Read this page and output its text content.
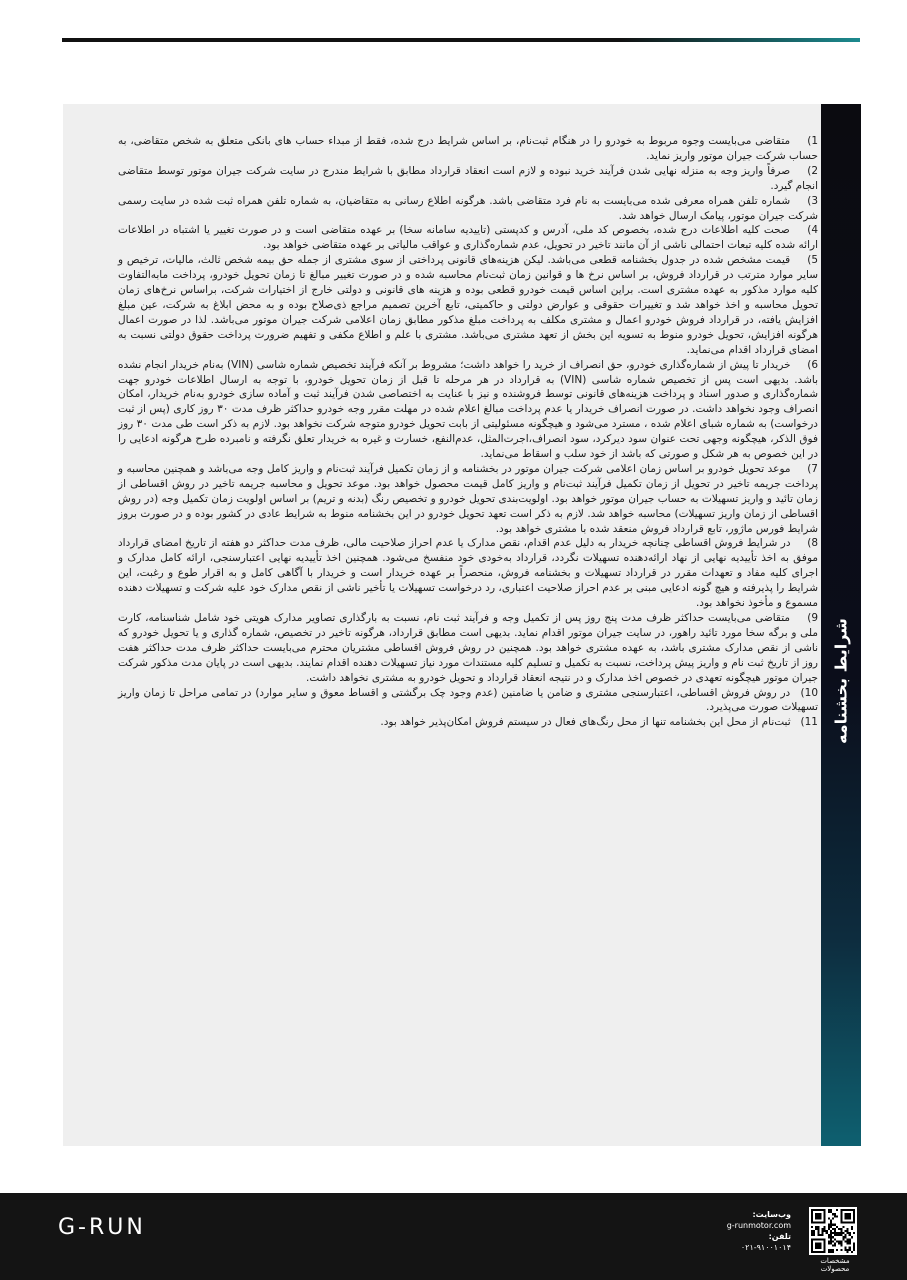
1) متقاضی می‌بایست وجوه مربوط به خودرو را در هنگام ثبت‌نام، بر اساس شرایط درج شده، فقط از مبداء حساب های بانکی متعلق به شخص متقاضی، به حساب شرکت جیران موتور واریز نماید.
2) صرفاً واریز وجه به منزله نهایی شدن فرآیند خرید نبوده و لازم است انعقاد قرارداد مطابق با شرایط مندرج در سایت شرکت جیران موتور توسط متقاضی انجام گیرد.
3) شماره تلفن همراه معرفی شده می‌بایست به نام فرد متقاضی باشد. هرگونه اطلاع رسانی به متقاضیان، به شماره تلفن همراه ثبت شده در سایت رسمی شرکت جیران موتور، پیامک ارسال خواهد شد.
4) صحت کلیه اطلاعات درج شده، بخصوص کد ملی، آدرس و کدپستی (تاییدیه سامانه سخا) بر عهده متقاضی است و در صورت تغییر یا اشتباه در اطلاعات ارائه شده کلیه تبعات احتمالی ناشی از آن مانند تاخیر در تحویل، عدم شماره‌گذاری و عواقب مالیاتی بر عهده متقاضی خواهد بود.
5) قیمت مشخص شده در جدول بخشنامه قطعی می‌باشد. لیکن هزینه‌های قانونی پرداختی از سوی مشتری از جمله حق بیمه شخص ثالث، مالیات، ترخیص و سایر موارد مترتب در قرارداد فروش، بر اساس نرخ ها و قوانین زمان ثبت‌نام محاسبه شده و در صورت تغییر مبالغ تا زمان تحویل خودرو، پرداخت مابه‌التفاوت کلیه موارد مذکور به عهده مشتری است. براین اساس قیمت خودرو قطعی بوده و هزینه های قانونی و دولتی خارج از اختیارات شرکت، براساس نرخ‌های زمان تحویل محاسبه و اخذ خواهد شد و تغییرات حقوقی و عوارض دولتی و حاکمیتی، تابع آخرین تصمیم مراجع ذی‌صلاح بوده و به محض ابلاغ به شرکت، عین مبلغ افزایش یافته، در قرارداد فروش خودرو اعمال و مشتری مکلف به پرداخت مبلغ مذکور مطابق زمان اعلامی شرکت جیران موتور می‌باشد. لذا در صورت اعمال هرگونه افزایش، تحویل خودرو منوط به تسویه این بخش از تعهد مشتری می‌باشد. مشتری با علم و اطلاع مکفی و تفهیم ضرورت پرداخت حقوق دولتی نسبت به امضای قرارداد اقدام می‌نماید.
6) خریدار تا پیش از شماره‌گذاری خودرو، حق انصراف از خرید را خواهد داشت؛ مشروط بر آنکه فرآیند تخصیص شماره شاسی (VIN) به‌نام خریدار انجام نشده باشد. بدیهی است پس از تخصیص شماره شاسی (VIN) به قرارداد در هر مرحله تا قبل از زمان تحویل خودرو، با توجه به ارسال اطلاعات خودرو جهت شماره‌گذاری و صدور اسناد و پرداخت هزینه‌های قانونی توسط فروشنده و نیز با عنایت به اختصاصی شدن فرآیند ثبت و آماده سازی خودرو به‌نام خریدار، امکان انصراف وجود نخواهد داشت. در صورت انصراف خریدار یا عدم پرداخت مبالغ اعلام شده در مهلت مقرر وجه خودرو حداکثر ظرف مدت ۳۰ روز کاری (پس از ثبت درخواست) به شماره شبای اعلام شده ، مسترد می‌شود و هیچگونه مسئولیتی از بابت تحویل خودرو متوجه شرکت نخواهد بود. لازم به ذکر است طی مدت ۳۰ روز فوق الذکر، هیچگونه وجهی تحت عنوان سود دیرکرد، سود انصراف،اجرت‌المثل، عدم‌النفع، خسارت و غیره به خریدار تعلق نگرفته و نامبرده طرح هرگونه ادعایی را در این خصوص به هر شکل و صورتی که باشد از خود سلب و اسقاط می‌نماید.
7) موعد تحویل خودرو بر اساس زمان اعلامی شرکت جیران موتور در بخشنامه و از زمان تکمیل فرآیند ثبت‌نام و واریز کامل وجه می‌باشد و همچنین محاسبه و پرداخت جریمه تاخیر در تحویل از زمان تکمیل فرآیند ثبت‌نام و واریز کامل قیمت محصول خواهد بود. موعد تحویل و محاسبه جریمه تاخیر در روش اقساطی از زمان تائید و واریز تسهیلات به حساب جیران موتور خواهد بود. اولویت‌بندی تحویل خودرو و تخصیص رنگ (بدنه و تریم) بر اساس اولویت زمان تکمیل وجه (در روش اقساطی از زمان واریز تسهیلات) محاسبه خواهد شد. لازم به ذکر است تعهد تحویل خودرو در این بخشنامه منوط به شرایط عادی در کشور بوده و در صورت بروز شرایط فورس ماژور، تابع قرارداد فروش منعقد شده با مشتری خواهد بود.
8) در شرایط فروش اقساطی چنانچه خریدار به دلیل عدم اقدام، نقص مدارک یا عدم احراز صلاحیت مالی، ظرف مدت حداکثر دو هفته از تاریخ امضای قرارداد موفق به اخذ تأییدیه نهایی از نهاد ارائه‌دهنده تسهیلات نگردد، قرارداد به‌خودی خود منفسخ می‌شود. همچنین اخذ تأییدیه نهایی اعتبارسنجی، ارائه کامل مدارک و اجرای کلیه مفاد و تعهدات مقرر در قرارداد تسهیلات و بخشنامه فروش، منحصراً بر عهده خریدار است و خریدار با آگاهی کامل و به اقرار طوع و رغبت، این شرایط را پذیرفته و هیچ گونه ادعایی مبنی بر عدم احراز صلاحیت اعتباری، رد درخواست تسهیلات یا تأخیر ناشی از نقص مدارک خود علیه شرکت و تسهیلات دهنده مسموع و مأخوذ نخواهد بود.
9) متقاضی می‌بایست حداکثر ظرف مدت پنج روز پس از تکمیل وجه و فرآیند ثبت نام، نسبت به بارگذاری تصاویر مدارک هویتی خود شامل شناسنامه، کارت ملی و برگه سخا مورد تائید راهور، در سایت جیران موتور اقدام نماید. بدیهی است مطابق قرارداد، هرگونه تاخیر در تخصیص، شماره گذاری و یا تحویل خودرو که ناشی از نقص مدارک مشتری باشد، به عهده مشتری خواهد بود. همچنین در روش فروش اقساطی مشتریان محترم می‌بایست حداکثر ظرف مدت حداکثر هفت روز از تاریخ ثبت نام و واریز پیش پرداخت، نسبت به تکمیل و تسلیم کلیه مستندات مورد نیاز تسهیلات دهنده اقدام نمایند. بدیهی است در پایان مدت مذکور شرکت جیران موتور هیچگونه تعهدی در خصوص اخذ مدارک و در نتیجه انعقاد قرارداد و تحویل خودرو به مشتری نخواهد داشت.
10) در روش فروش اقساطی، اعتبارسنجی مشتری و ضامن یا ضامنین (عدم وجود چک برگشتی و اقساط معوق و سایر موارد) در تمامی مراحل تا زمان واریز تسهیلات صورت می‌پذیرد.
11) ثبت‌نام از محل این بخشنامه تنها از محل رنگ‌های فعال در سیستم فروش امکان‌پذیر خواهد بود.	شرایط بخشنامه
G-RUN
وب‌سایت:
g-runmotor.com
تلفن:
۰۲۱-۹۱۰۰۱۰۱۴
مشخصات محصولات
